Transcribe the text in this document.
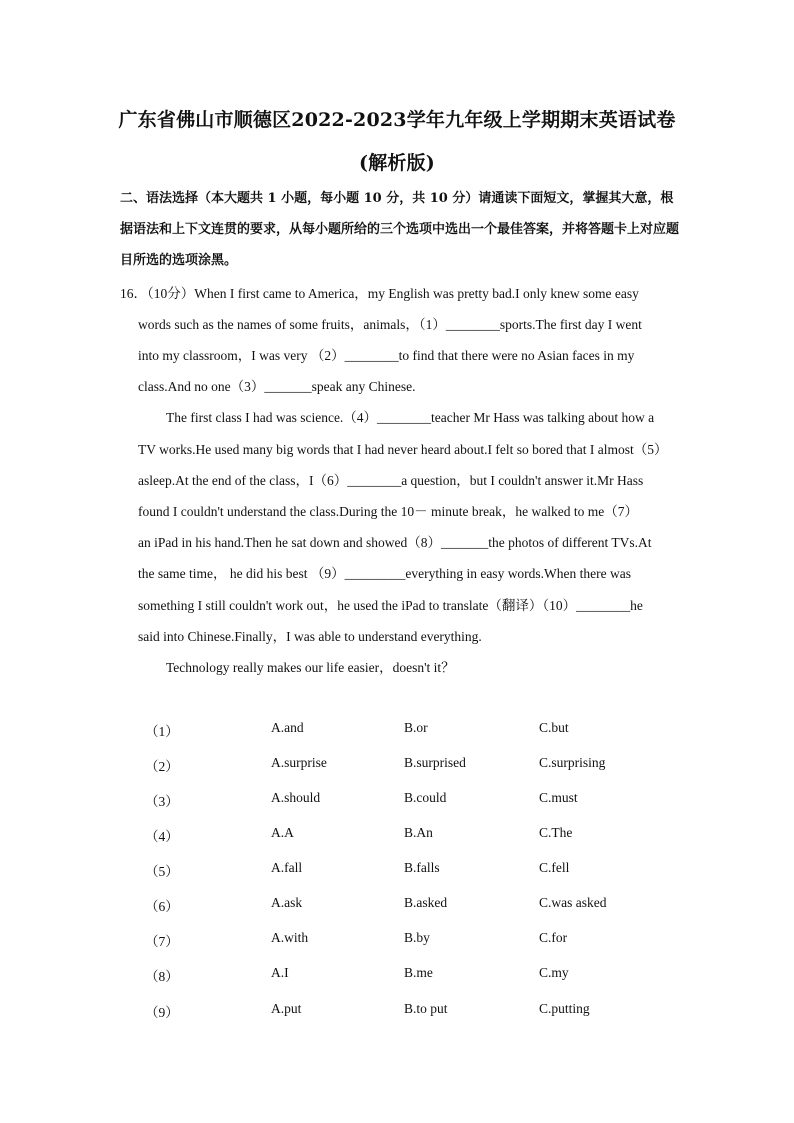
广东省佛山市顺德区2022-2023学年九年级上学期期末英语试卷
(解析版)
二、语法选择（本大题共 1 小题，每小题 10 分，共 10 分）请通读下面短文，掌握其大意，根据语法和上下文连贯的要求，从每小题所给的三个选项中选出一个最佳答案，并将答题卡上对应题目所选的选项涂黑。
16．（10分）When I first came to America，my English was pretty bad.I only knew some easy
words such as the names of some fruits，animals，（1）________sports.The first day I went
into my classroom，I was very （2）________to find that there were no Asian faces in my
class.And no one（3）_______speak any Chinese.
The first class I had was science.（4）________teacher Mr Hass was talking about how a
TV works.He used many big words that I had never heard about.I felt so bored that I almost（5）
asleep.At the end of the class，I（6）________a question，but I couldn't answer it.Mr Hass
found I couldn't understand the class.During the 10－ minute break，he walked to me（7）
an iPad in his hand.Then he sat down and showed（8）_______the photos of different TVs.At
the same time， he did his best （9）_________everything in easy words.When there was
something I still couldn't work out，he used the iPad to translate（翻译）（10）________he
said into Chinese.Finally，I was able to understand everything.
Technology really makes our life easier，doesn't it？
（1）	A.and	B.or	C.but
（2）	A.surprise	B.surprised	C.surprising
（3）	A.should	B.could	C.must
（4）	A.A	B.An	C.The
（5）	A.fall	B.falls	C.fell
（6）	A.ask	B.asked	C.was asked
（7）	A.with	B.by	C.for
（8）	A.I	B.me	C.my
（9）	A.put	B.to put	C.putting
